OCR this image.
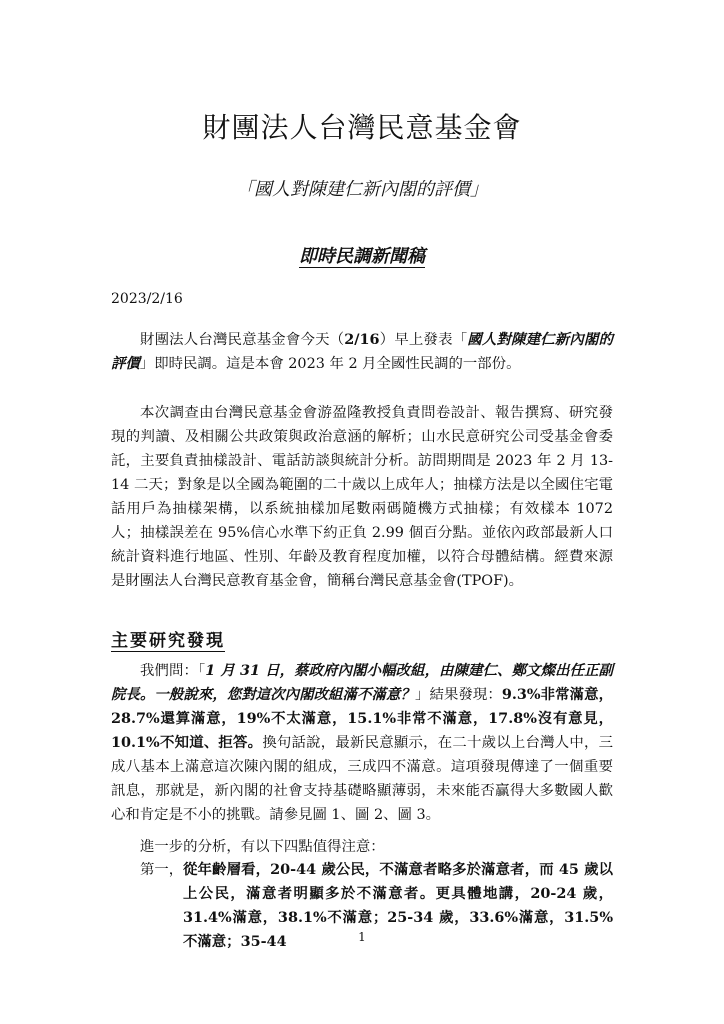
財團法人台灣民意基金會
「國人對陳建仁新內閣的評價」
即時民調新聞稿
2023/2/16

財團法人台灣民意基金會今天（2/16）早上發表「國人對陳建仁新內閣的評價」即時民調。這是本會 2023 年 2 月全國性民調的一部份。

本次調查由台灣民意基金會游盈隆教授負責問卷設計、報告撰寫、研究發現的判讀、及相關公共政策與政治意涵的解析；山水民意研究公司受基金會委託，主要負責抽樣設計、電話訪談與統計分析。訪問期間是 2023 年 2 月 13-14 二天；對象是以全國為範圍的二十歲以上成年人；抽樣方法是以全國住宅電話用戶為抽樣架構，以系統抽樣加尾數兩碼隨機方式抽樣；有效樣本 1072 人；抽樣誤差在 95%信心水準下約正負 2.99 個百分點。並依內政部最新人口統計資料進行地區、性別、年齡及教育程度加權，以符合母體結構。經費來源是財團法人台灣民意教育基金會，簡稱台灣民意基金會(TPOF)。

主要研究發現

我們問：「1 月 31 日，蔡政府內閣小幅改組，由陳建仁、鄭文燦出任正副院長。一般說來，您對這次內閣改組滿不滿意？」結果發現：9.3%非常滿意，28.7%還算滿意，19%不太滿意，15.1%非常不滿意，17.8%沒有意見，10.1%不知道、拒答。換句話說，最新民意顯示，在二十歲以上台灣人中，三成八基本上滿意這次陳內閣的組成，三成四不滿意。這項發現傳達了一個重要訊息，那就是，新內閣的社會支持基礎略顯薄弱，未來能否贏得大多數國人歡心和肯定是不小的挑戰。請參見圖 1、圖 2、圖 3。

進一步的分析，有以下四點值得注意：

第一， 從年齡層看，20-44 歲公民，不滿意者略多於滿意者，而 45 歲以上公民，滿意者明顯多於不滿意者。更具體地講，20-24 歲，31.4%滿意，38.1%不滿意；25-34 歲，33.6%滿意，31.5%不滿意；35-44	1
